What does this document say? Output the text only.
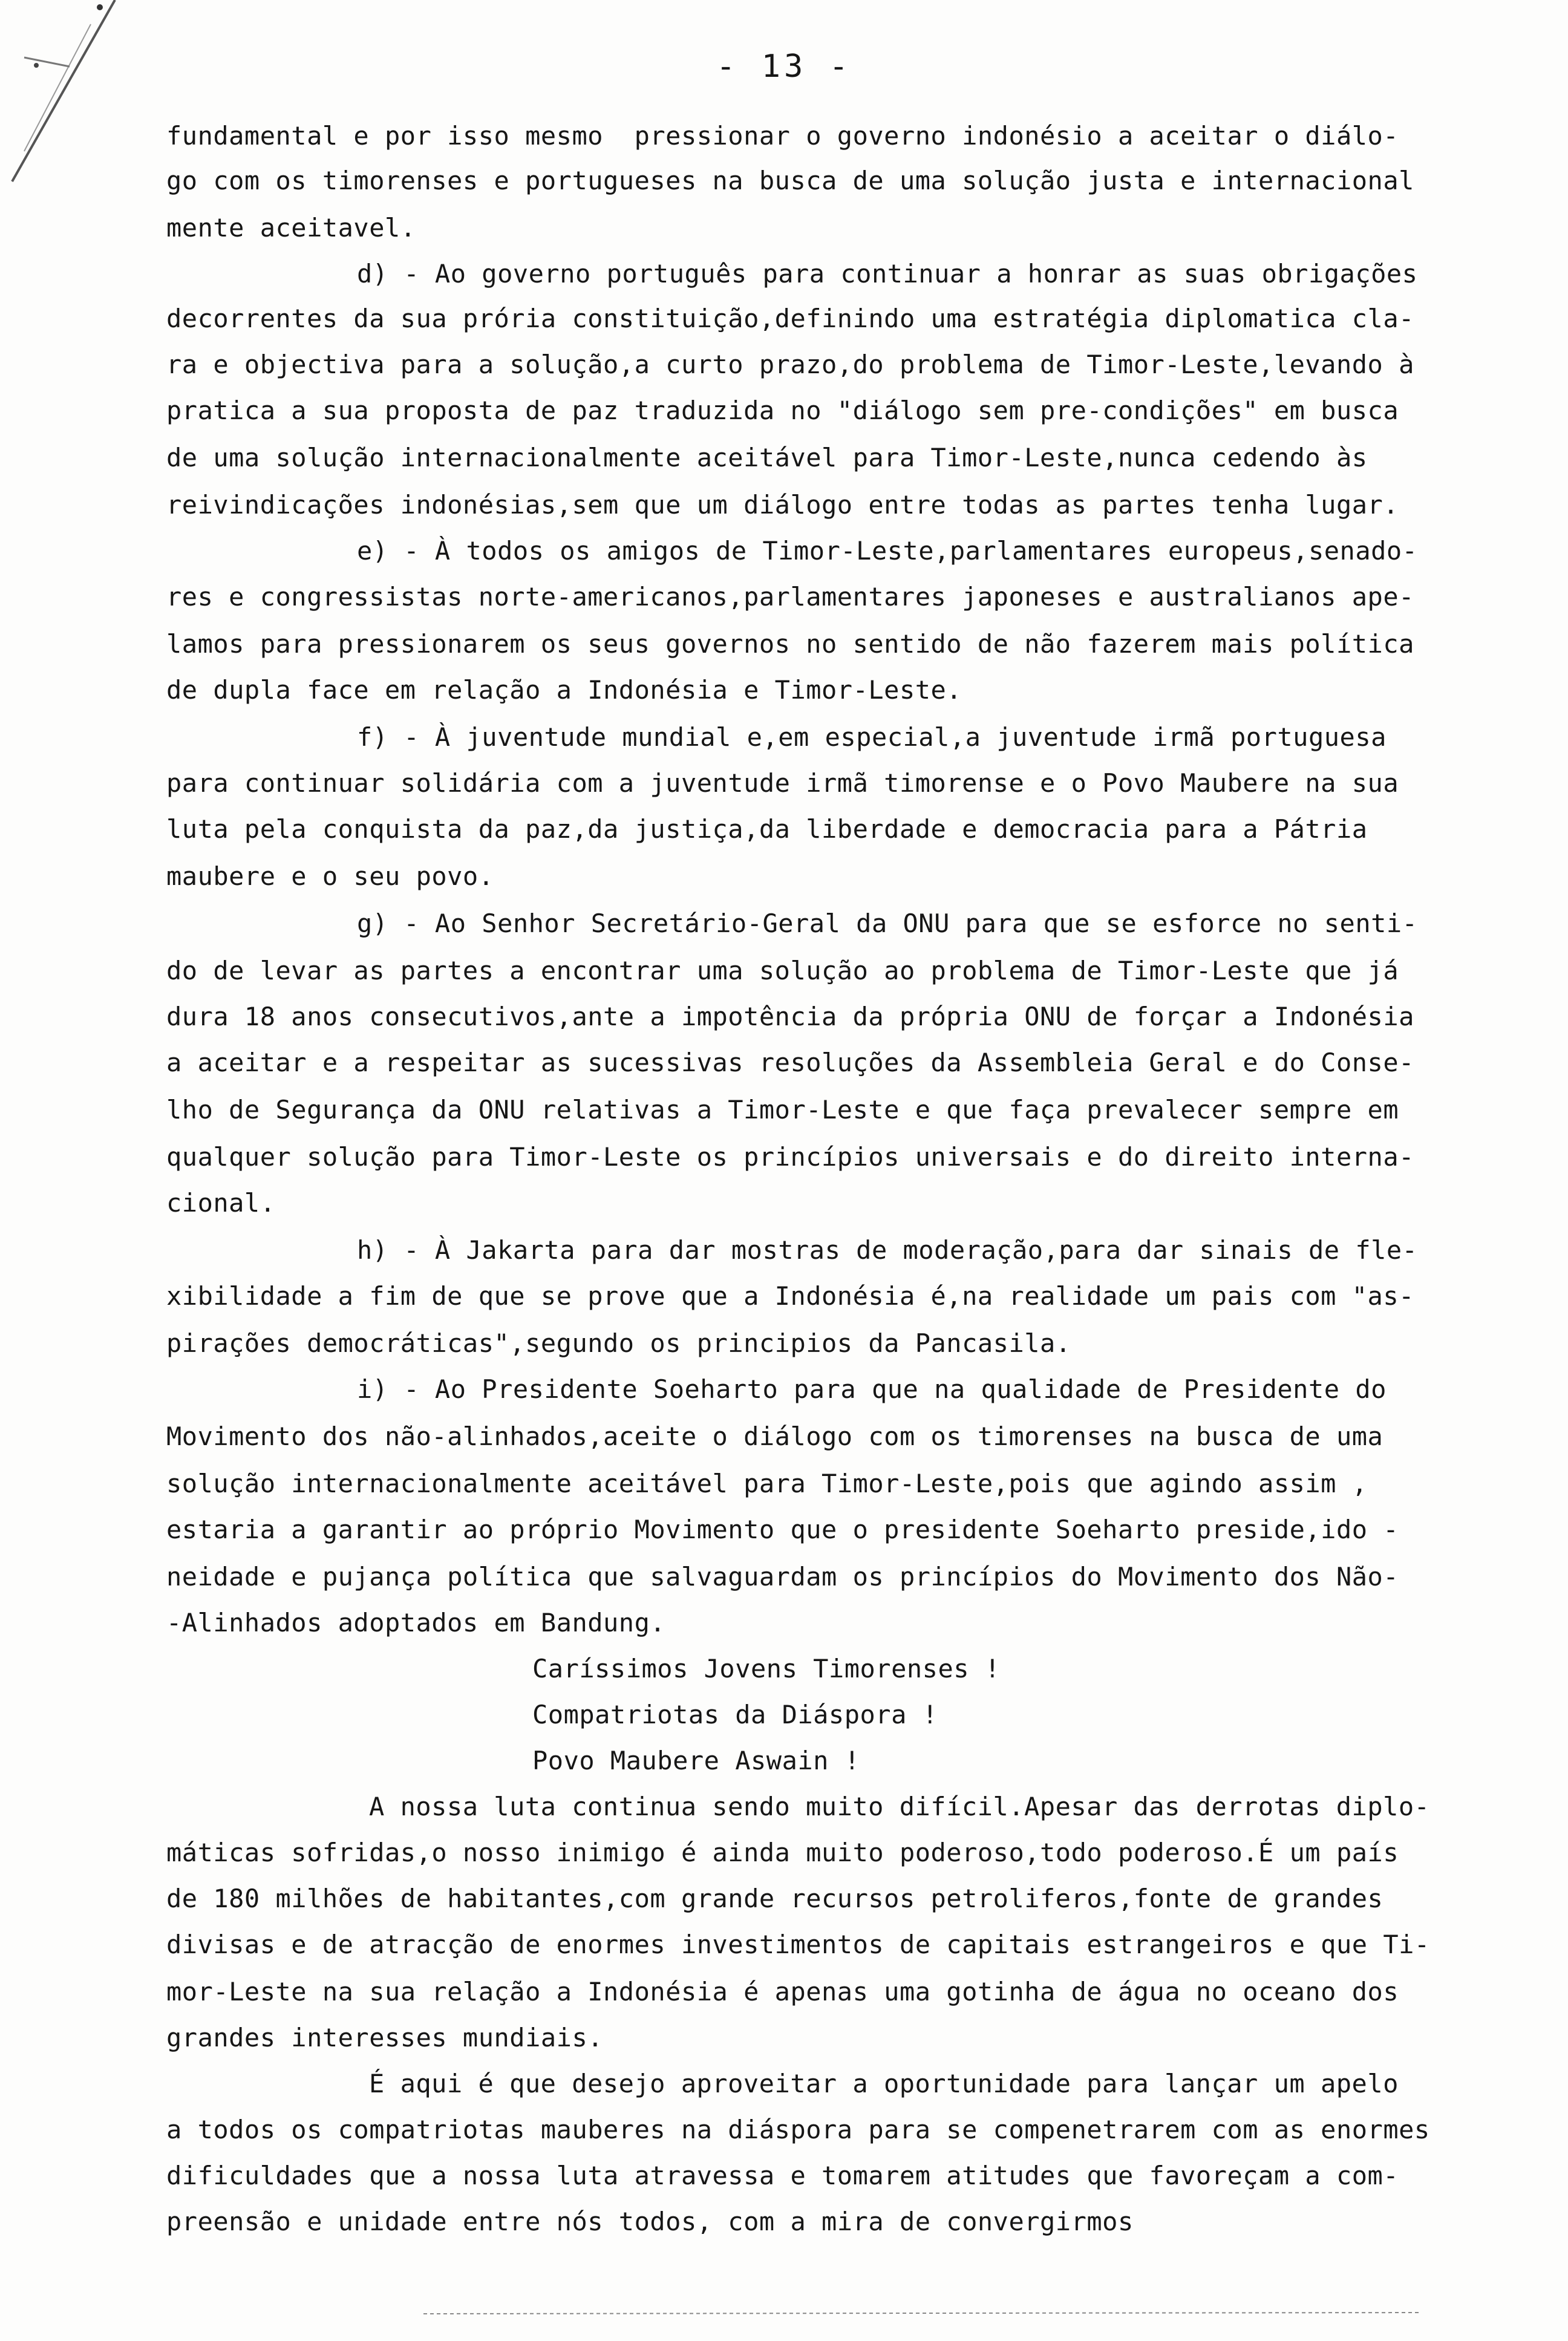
- 13 -
fundamental e por isso mesmo  pressionar o governo indonésio a aceitar o diálo-
go com os timorenses e portugueses na busca de uma solução justa e internacional
mente aceitavel.
d) - Ao governo português para continuar a honrar as suas obrigações
decorrentes da sua prória constituição,definindo uma estratégia diplomatica cla-
ra e objectiva para a solução,a curto prazo,do problema de Timor-Leste,levando à
pratica a sua proposta de paz traduzida no "diálogo sem pre-condições" em busca
de uma solução internacionalmente aceitável para Timor-Leste,nunca cedendo às
reivindicações indonésias,sem que um diálogo entre todas as partes tenha lugar.
e) - À todos os amigos de Timor-Leste,parlamentares europeus,senado-
res e congressistas norte-americanos,parlamentares japoneses e australianos ape-
lamos para pressionarem os seus governos no sentido de não fazerem mais política
de dupla face em relação a Indonésia e Timor-Leste.
f) - À juventude mundial e,em especial,a juventude irmã portuguesa
para continuar solidária com a juventude irmã timorense e o Povo Maubere na sua
luta pela conquista da paz,da justiça,da liberdade e democracia para a Pátria
maubere e o seu povo.
g) - Ao Senhor Secretário-Geral da ONU para que se esforce no senti-
do de levar as partes a encontrar uma solução ao problema de Timor-Leste que já
dura 18 anos consecutivos,ante a impotência da própria ONU de forçar a Indonésia
a aceitar e a respeitar as sucessivas resoluções da Assembleia Geral e do Conse-
lho de Segurança da ONU relativas a Timor-Leste e que faça prevalecer sempre em
qualquer solução para Timor-Leste os princípios universais e do direito interna-
cional.
h) - À Jakarta para dar mostras de moderação,para dar sinais de fle-
xibilidade a fim de que se prove que a Indonésia é,na realidade um pais com "as-
pirações democráticas",segundo os principios da Pancasila.
i) - Ao Presidente Soeharto para que na qualidade de Presidente do
Movimento dos não-alinhados,aceite o diálogo com os timorenses na busca de uma
solução internacionalmente aceitável para Timor-Leste,pois que agindo assim ,
estaria a garantir ao próprio Movimento que o presidente Soeharto preside,ido -
neidade e pujança política que salvaguardam os princípios do Movimento dos Não-
-Alinhados adoptados em Bandung.
Caríssimos Jovens Timorenses !
Compatriotas da Diáspora !
Povo Maubere Aswain !
A nossa luta continua sendo muito difícil.Apesar das derrotas diplo-
máticas sofridas,o nosso inimigo é ainda muito poderoso,todo poderoso.É um país
de 180 milhões de habitantes,com grande recursos petroliferos,fonte de grandes
divisas e de atracção de enormes investimentos de capitais estrangeiros e que Ti-
mor-Leste na sua relação a Indonésia é apenas uma gotinha de água no oceano dos
grandes interesses mundiais.
É aqui é que desejo aproveitar a oportunidade para lançar um apelo
a todos os compatriotas mauberes na diáspora para se compenetrarem com as enormes
dificuldades que a nossa luta atravessa e tomarem atitudes que favoreçam a com-
preensão e unidade entre nós todos, com a mira de convergirmos
